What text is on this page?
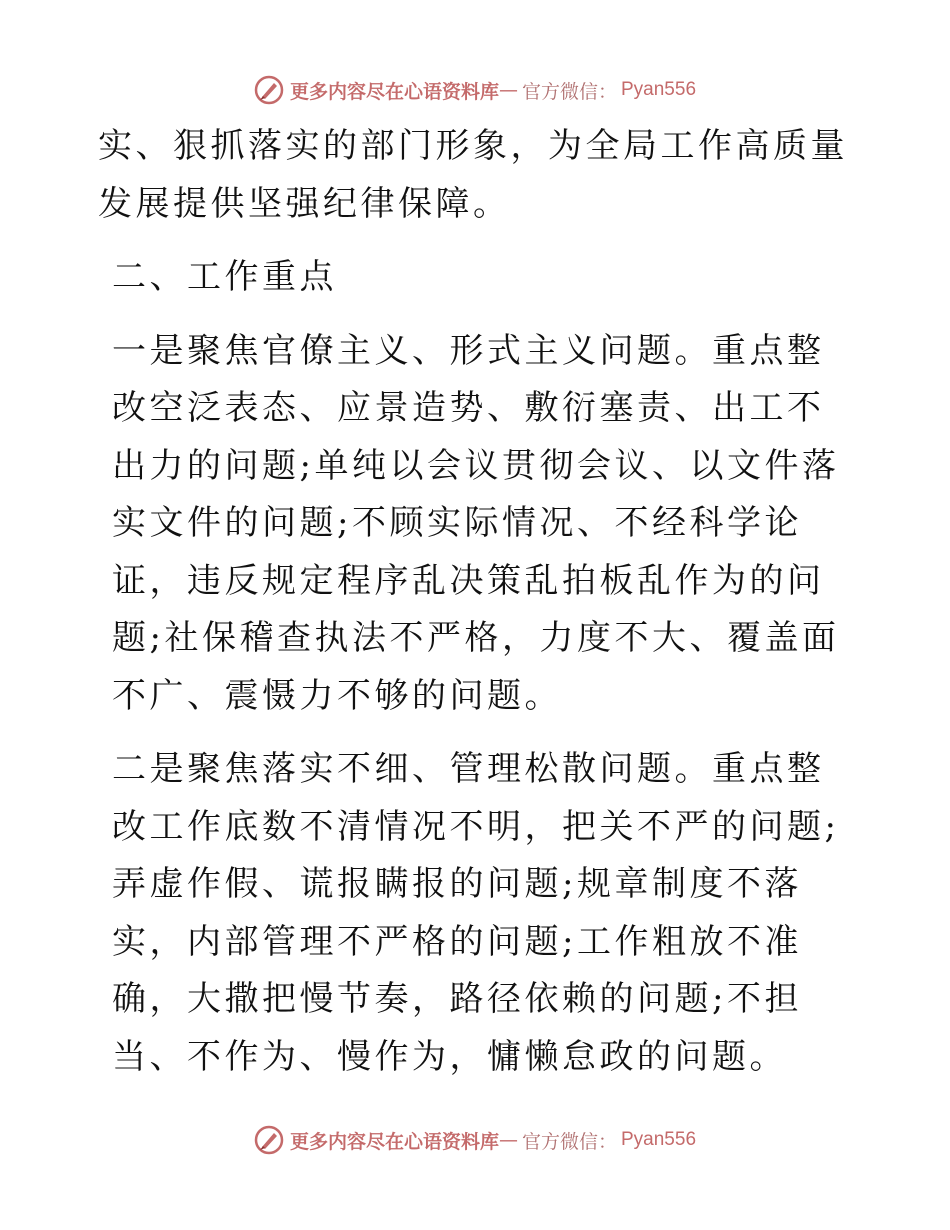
更多内容尽在心语资料库 — 官方微信： Pyan556

实、狠抓落实的部门形象，为全局工作高质量发展提供坚强纪律保障。

二、工作重点

一是聚焦官僚主义、形式主义问题。重点整改空泛表态、应景造势、敷衍塞责、出工不出力的问题;单纯以会议贯彻会议、以文件落实文件的问题;不顾实际情况、不经科学论证，违反规定程序乱决策乱拍板乱作为的问题;社保稽查执法不严格，力度不大、覆盖面不广、震慑力不够的问题。

二是聚焦落实不细、管理松散问题。重点整改工作底数不清情况不明，把关不严的问题;弄虚作假、谎报瞒报的问题;规章制度不落实，内部管理不严格的问题;工作粗放不准确，大撒把慢节奏，路径依赖的问题;不担当、不作为、慢作为，慵懒怠政的问题。

更多内容尽在心语资料库 — 官方微信： Pyan556
